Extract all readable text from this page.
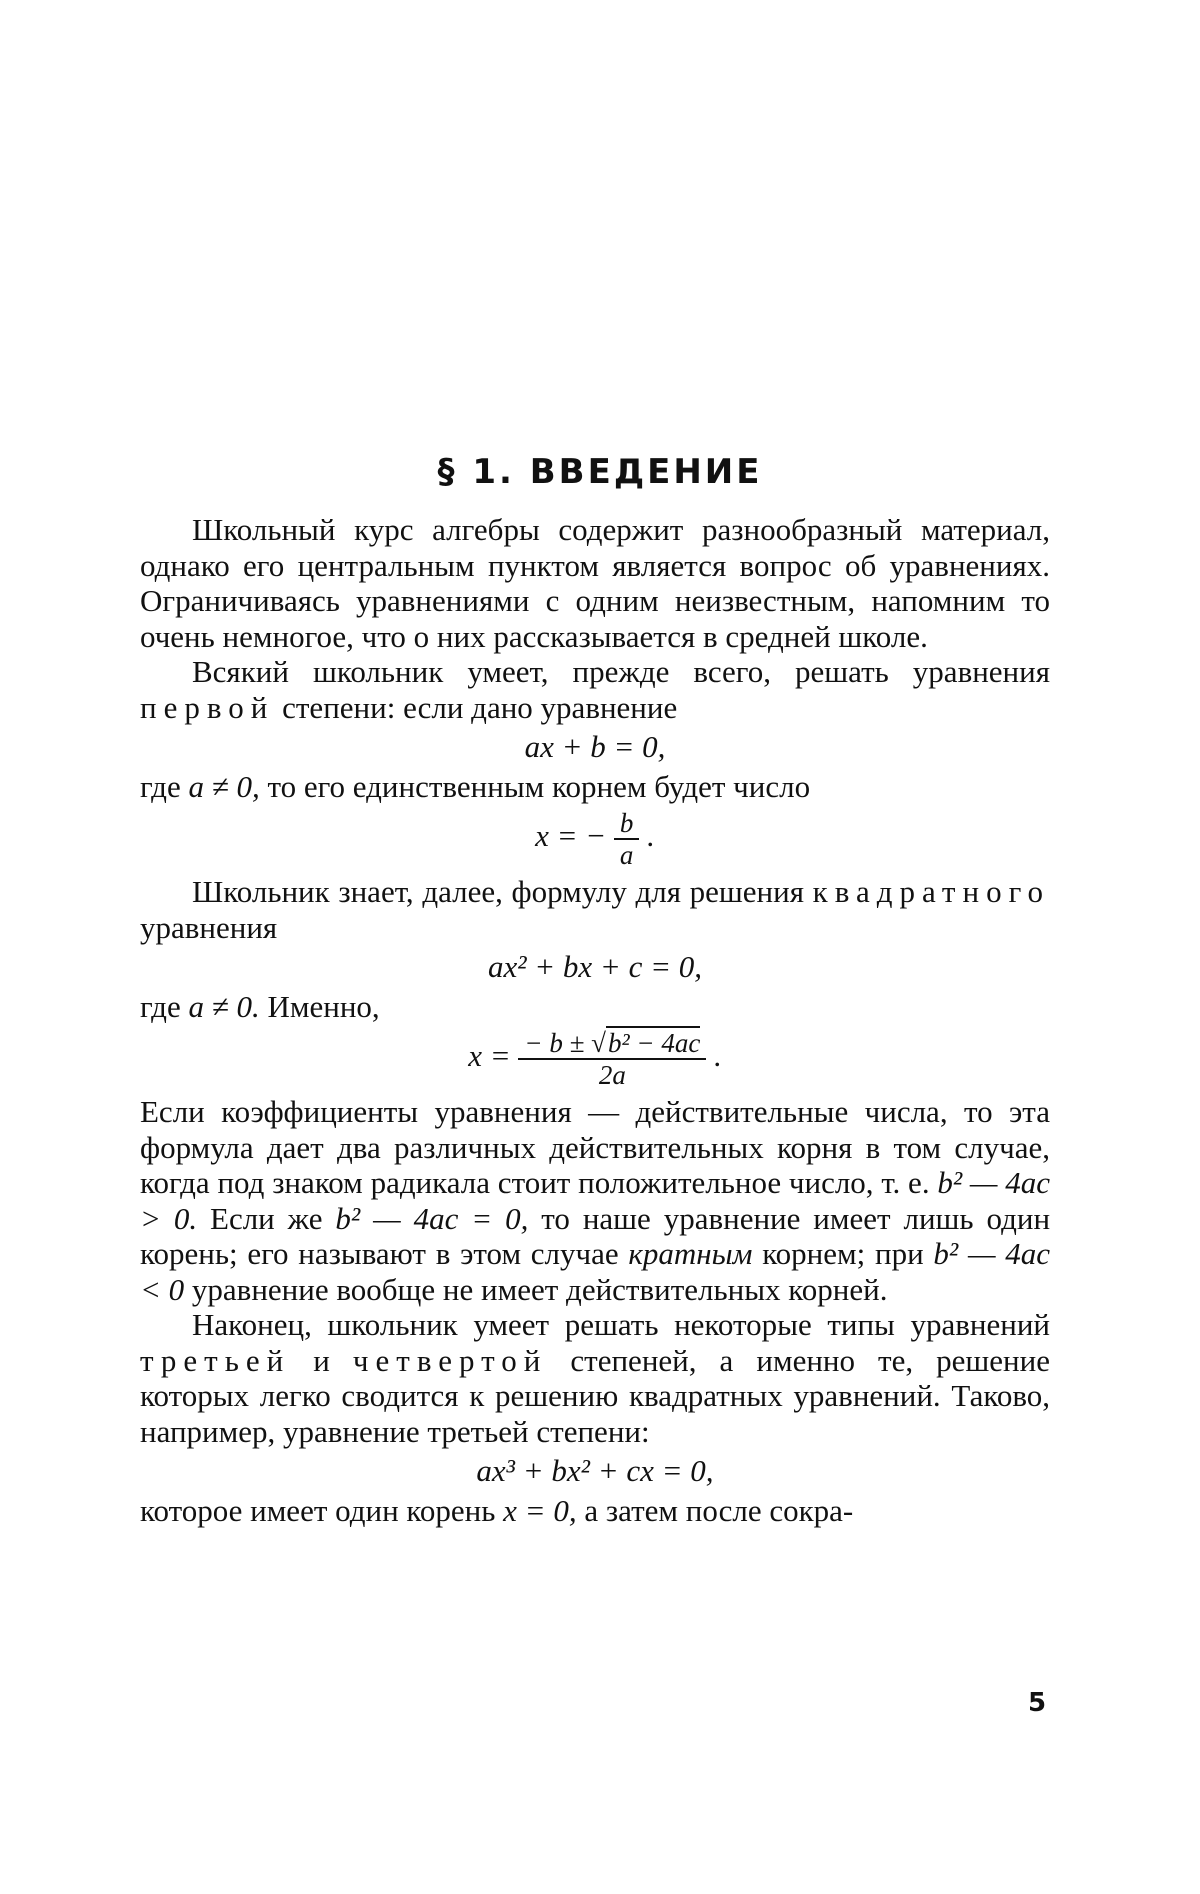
§ 1. ВВЕДЕНИЕ

Школьный курс алгебры содержит разнообразный материал, однако его центральным пунктом является вопрос об уравнениях. Ограничиваясь уравнениями с одним неизвестным, напомним то очень немногое, что о них рассказывается в средней школе.

Всякий школьник умеет, прежде всего, решать уравнения первой степени: если дано уравнение

ax + b = 0,

где a ≠ 0, то его единственным корнем будет число

x = − $\frac{b}{a}$ .

Школьник знает, далее, формулу для решения квадратного уравнения

ax² + bx + c = 0,

где a ≠ 0. Именно,

$x = \frac{\text{− b ± √b² − 4ac}}{2a}$ .

Если коэффициенты уравнения — действительные числа, то эта формула дает два различных действительных корня в том случае, когда под знаком радикала стоит положительное число, т. е. b² — 4ac > 0. Если же b² — 4ac = 0, то наше уравнение имеет лишь один корень; его называют в этом случае кратным корнем; при b² — 4ac < 0 уравнение вообще не имеет действительных корней.

Наконец, школьник умеет решать некоторые типы уравнений третьей и четвертой степеней, а именно те, решение которых легко сводится к решению квадратных уравнений. Таково, например, уравнение третьей степени:

ax³ + bx² + cx = 0,

которое имеет один корень x = 0, а затем после сокра-

5
